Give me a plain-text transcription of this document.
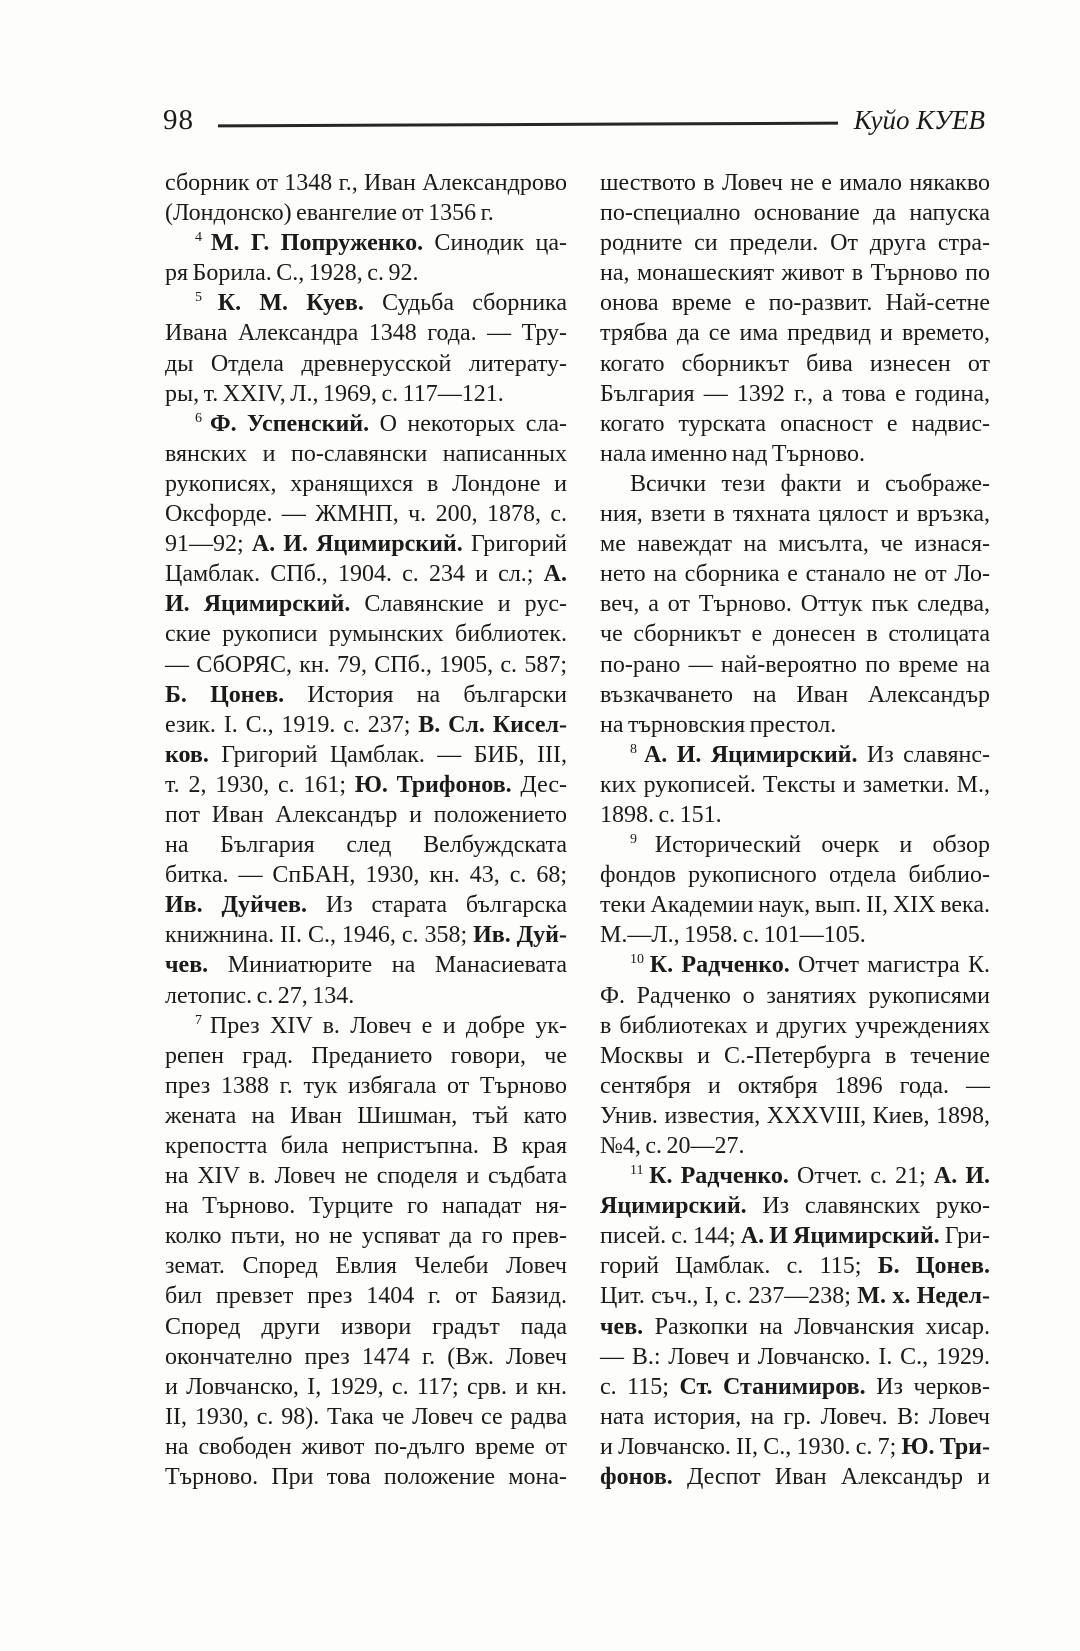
98	Куйо КУЕВ
сборник от 1348 г., Иван Александрово
(Лондонско) евангелие от 1356 г.
$^4$ М. Г. Попруженко. Синодик ца-
ря Борила. С., 1928, с. 92.
$^5$ К. М. Куев. Судьба сборника
Ивана Александра 1348 года. — Тру-
ды Отдела древнерусской литерату-
ры, т. XXIV, Л., 1969, с. 117—121.
$^6$ Ф. Успенский. О некоторых сла-
вянских и по-славянски написанных
рукописях, хранящихся в Лондоне и
Оксфорде. — ЖМНП, ч. 200, 1878, с.
91—92; А. И. Яцимирский. Григорий
Цамблак. СПб., 1904. с. 234 и сл.; А.
И. Яцимирский. Славянские и рус-
ские рукописи румынских библиотек.
— СбОРЯС, кн. 79, СПб., 1905, с. 587;
Б. Цонев. История на български
език. I. С., 1919. с. 237; В. Сл. Кисел-
ков. Григорий Цамблак. — БИБ, III,
т. 2, 1930, с. 161; Ю. Трифонов. Дес-
пот Иван Александър и положението
на България след Велбуждската
битка. — СпБАН, 1930, кн. 43, с. 68;
Ив. Дуйчев. Из старата българска
книжнина. II. С., 1946, с. 358; Ив. Дуй-
чев. Миниатюрите на Манасиевата
летопис. с. 27, 134.
$^7$ През XIV в. Ловеч е и добре ук-
репен град. Преданието говори, че
през 1388 г. тук избягала от Търново
жената на Иван Шишман, тъй като
крепостта била непристъпна. В края
на XIV в. Ловеч не споделя и съдбата
на Търново. Турците го нападат ня-
колко пъти, но не успяват да го прев-
земат. Според Евлия Челеби Ловеч
бил превзет през 1404 г. от Баязид.
Според други извори градът пада
окончателно през 1474 г. (Вж. Ловеч
и Ловчанско, I, 1929, с. 117; срв. и кн.
II, 1930, с. 98). Така че Ловеч се радва
на свободен живот по-дълго време от
Търново. При това положение мона-
шеството в Ловеч не е имало някакво
по-специално основание да напуска
родните си предели. От друга стра-
на, монашеският живот в Търново по
онова време е по-развит. Най-сетне
трябва да се има предвид и времето,
когато сборникът бива изнесен от
България — 1392 г., а това е година,
когато турската опасност е надвис-
нала именно над Търново.
Всички тези факти и съображе-
ния, взети в тяхната цялост и връзка,
ме навеждат на мисълта, че изнася-
нето на сборника е станало не от Ло-
веч, а от Търново. Оттук пък следва,
че сборникът е донесен в столицата
по-рано — най-вероятно по време на
възкачването на Иван Александър
на търновския престол.
$^8$ А. И. Яцимирский. Из славянс-
ких рукописей. Тексты и заметки. М.,
1898. с. 151.
$^9$ Исторический очерк и обзор
фондов рукописного отдела библио-
теки Академии наук, вып. II, XIX века.
М.—Л., 1958. с. 101—105.
$^{10}$ К. Радченко. Отчет магистра К.
Ф. Радченко о занятиях рукописями
в библиотеках и других учреждениях
Москвы и С.-Петербурга в течение
сентября и октября 1896 года. —
Унив. известия, XXXVIII, Киев, 1898,
№4, с. 20—27.
$^{11}$ К. Радченко. Отчет. с. 21; А. И.
Яцимирский. Из славянских руко-
писей. с. 144; А. И Яцимирский. Гри-
горий Цамблак. с. 115; Б. Цонев.
Цит. съч., I, с. 237—238; М. х. Недел-
чев. Разкопки на Ловчанския хисар.
— В.: Ловеч и Ловчанско. I. С., 1929.
с. 115; Ст. Станимиров. Из черков-
ната история, на гр. Ловеч. В: Ловеч
и Ловчанско. II, С., 1930. с. 7; Ю. Три-
фонов. Деспот Иван Александър и
